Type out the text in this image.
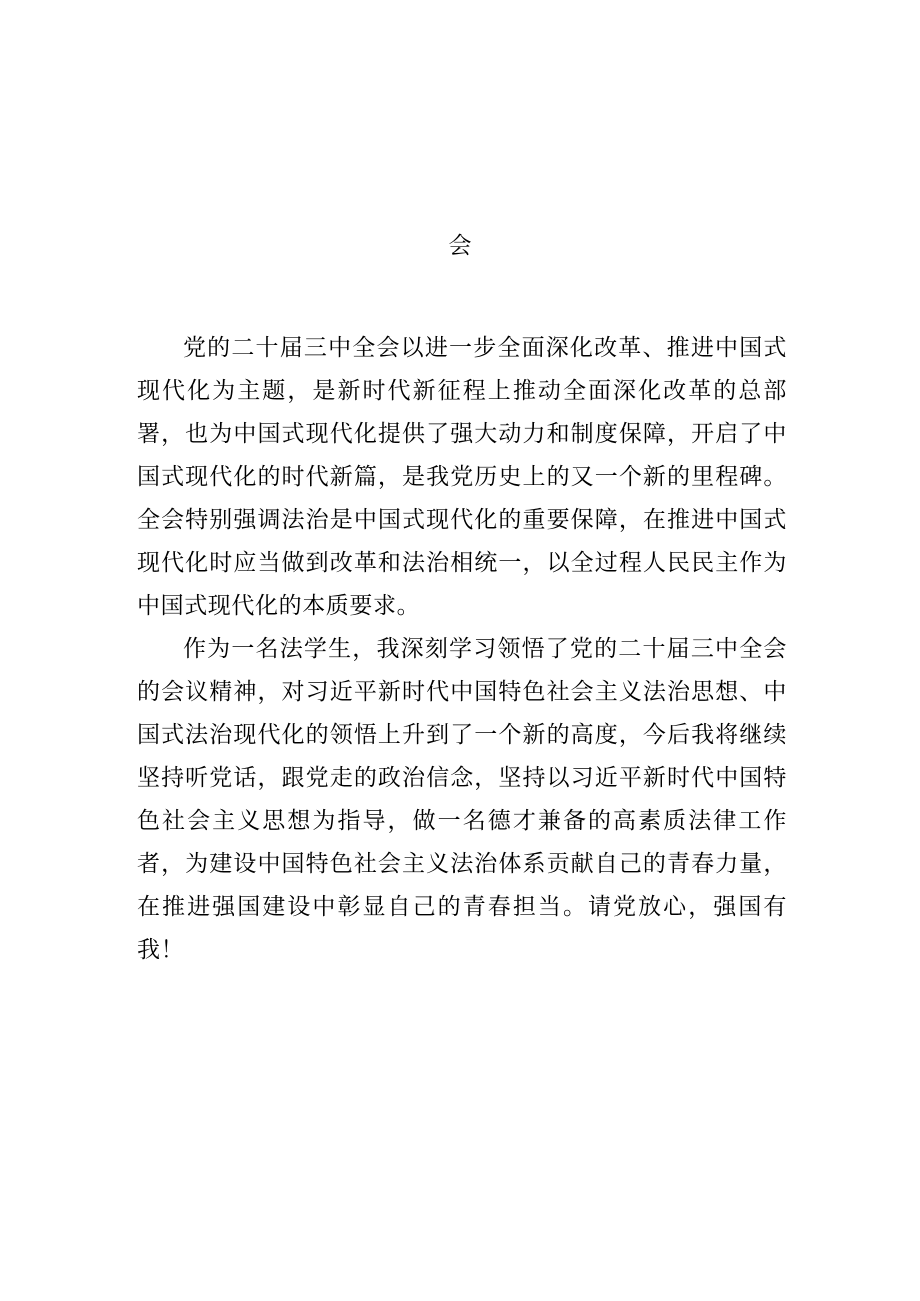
会

党的二十届三中全会以进一步全面深化改革、推进中国式现代化为主题，是新时代新征程上推动全面深化改革的总部署，也为中国式现代化提供了强大动力和制度保障，开启了中国式现代化的时代新篇，是我党历史上的又一个新的里程碑。全会特别强调法治是中国式现代化的重要保障，在推进中国式现代化时应当做到改革和法治相统一，以全过程人民民主作为中国式现代化的本质要求。

作为一名法学生，我深刻学习领悟了党的二十届三中全会的会议精神，对习近平新时代中国特色社会主义法治思想、中国式法治现代化的领悟上升到了一个新的高度，今后我将继续坚持听党话，跟党走的政治信念，坚持以习近平新时代中国特色社会主义思想为指导，做一名德才兼备的高素质法律工作者，为建设中国特色社会主义法治体系贡献自己的青春力量，在推进强国建设中彰显自己的青春担当。请党放心，强国有我！
